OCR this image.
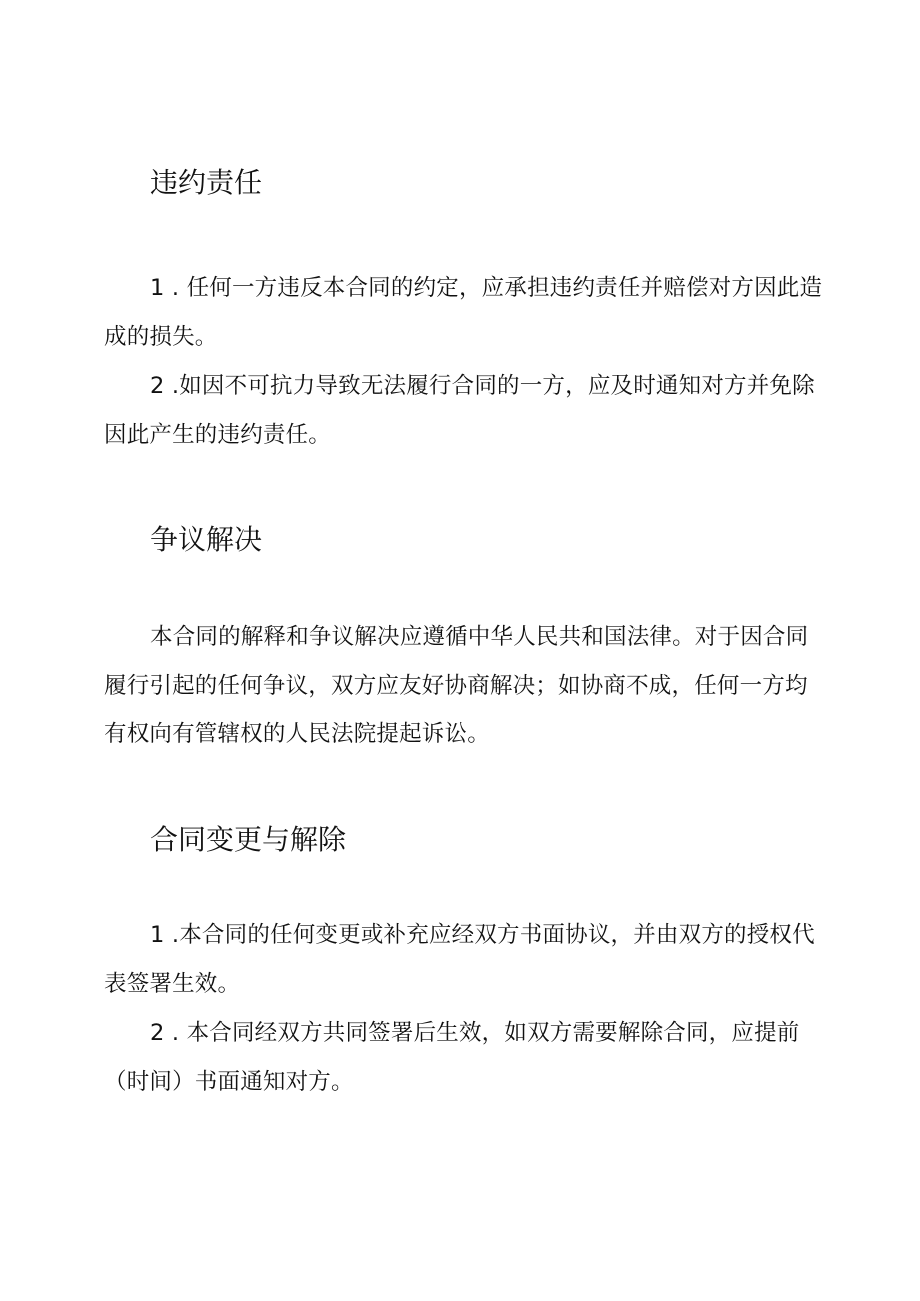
违约责任

1 . 任何一方违反本合同的约定，应承担违约责任并赔偿对方因此造成的损失。

2 .如因不可抗力导致无法履行合同的一方，应及时通知对方并免除因此产生的违约责任。

争议解决

本合同的解释和争议解决应遵循中华人民共和国法律。对于因合同履行引起的任何争议，双方应友好协商解决；如协商不成，任何一方均有权向有管辖权的人民法院提起诉讼。

合同变更与解除

1 .本合同的任何变更或补充应经双方书面协议，并由双方的授权代表签署生效。

2 . 本合同经双方共同签署后生效，如双方需要解除合同，应提前（时间）书面通知对方。
